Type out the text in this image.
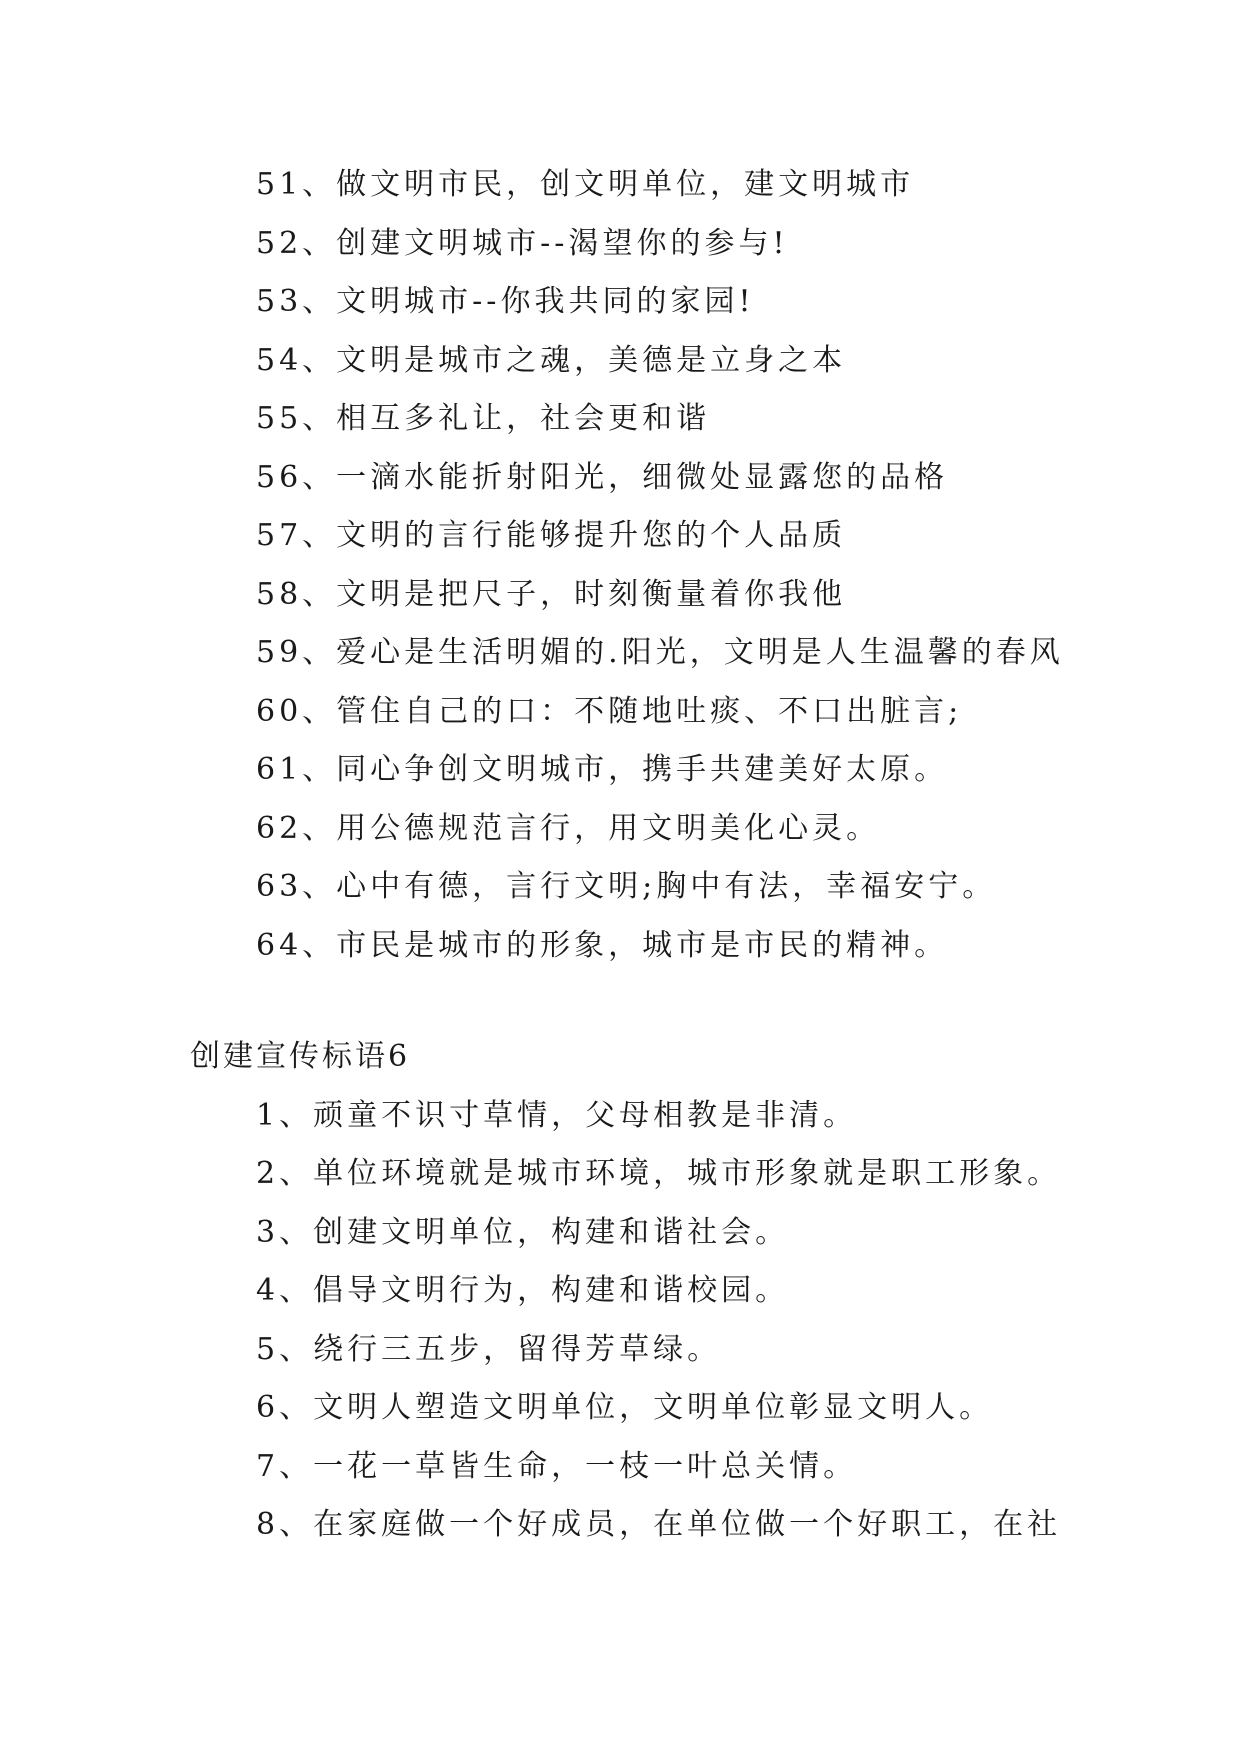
51、做文明市民，创文明单位，建文明城市
52、创建文明城市--渴望你的参与!
53、文明城市--你我共同的家园!
54、文明是城市之魂，美德是立身之本
55、相互多礼让，社会更和谐
56、一滴水能折射阳光，细微处显露您的品格
57、文明的言行能够提升您的个人品质
58、文明是把尺子，时刻衡量着你我他
59、爱心是生活明媚的.阳光，文明是人生温馨的春风
60、管住自己的口：不随地吐痰、不口出脏言;
61、同心争创文明城市，携手共建美好太原。
62、用公德规范言行，用文明美化心灵。
63、心中有德，言行文明;胸中有法，幸福安宁。
64、市民是城市的形象，城市是市民的精神。
创建宣传标语6
1、顽童不识寸草情，父母相教是非清。
2、单位环境就是城市环境，城市形象就是职工形象。
3、创建文明单位，构建和谐社会。
4、倡导文明行为，构建和谐校园。
5、绕行三五步，留得芳草绿。
6、文明人塑造文明单位，文明单位彰显文明人。
7、一花一草皆生命，一枝一叶总关情。
8、在家庭做一个好成员，在单位做一个好职工，在社
